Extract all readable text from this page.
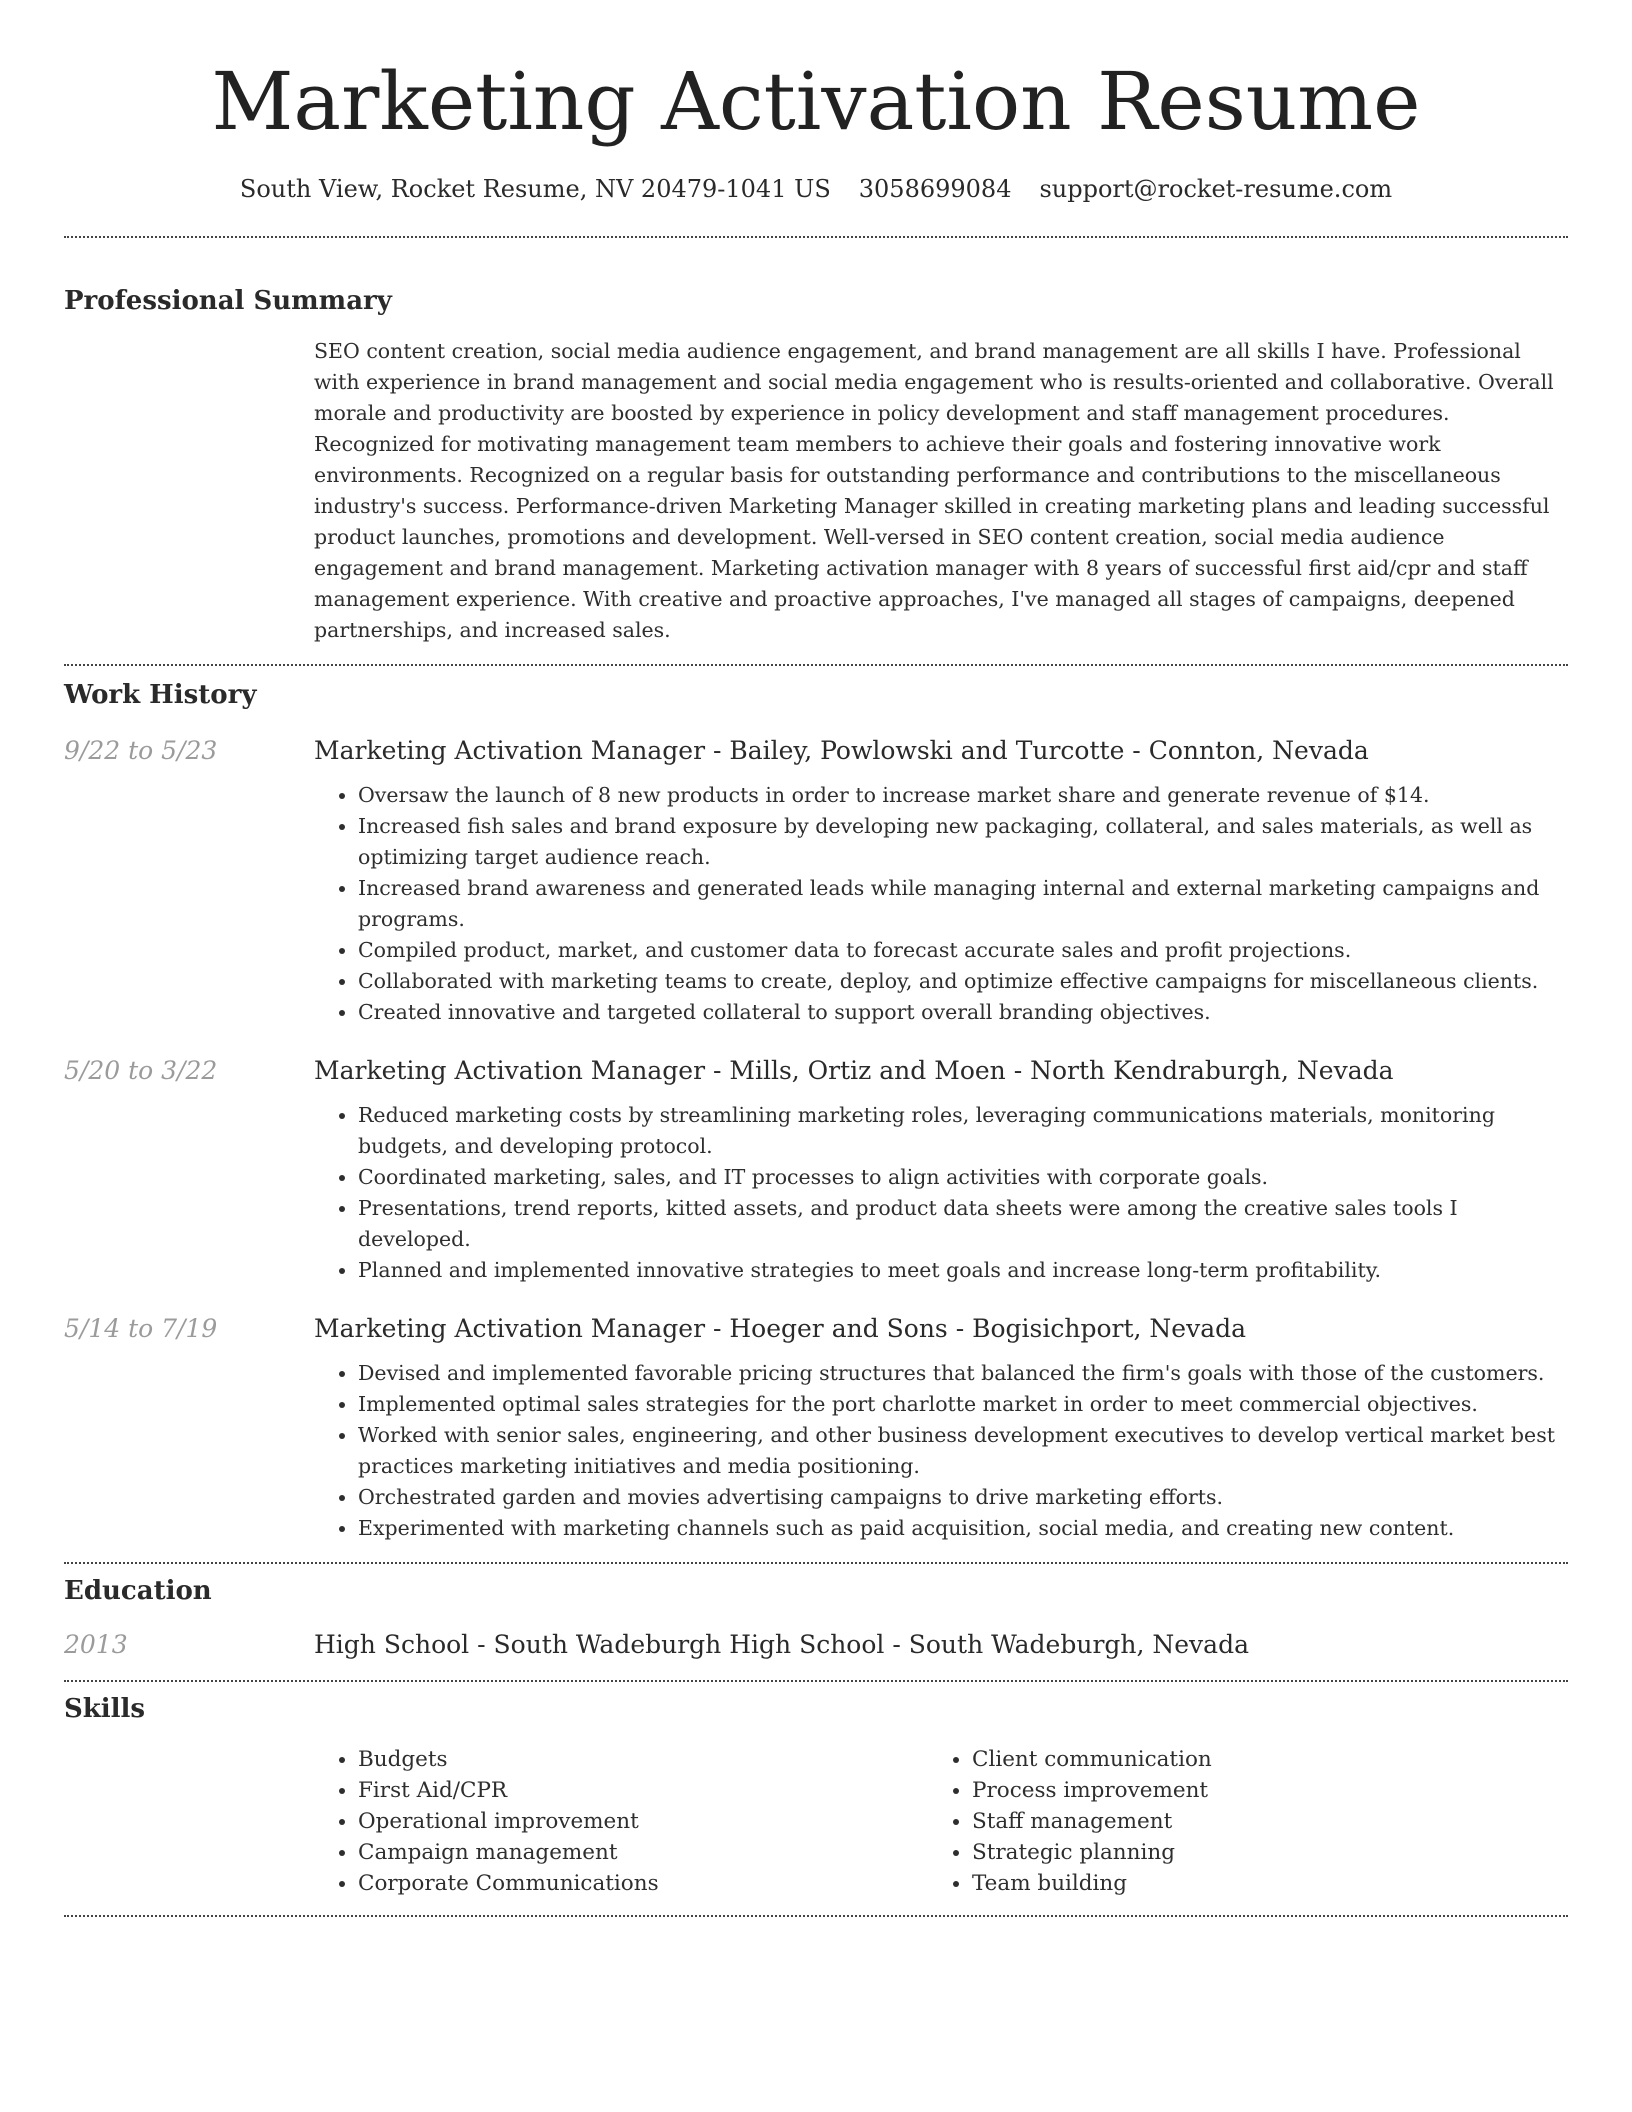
Marketing Activation Resume
South View, Rocket Resume, NV 20479-1041 US 3058699084 support@rocket-resume.com
Professional Summary

SEO content creation, social media audience engagement, and brand management are all skills I have. Professional with experience in brand management and social media engagement who is results-oriented and collaborative. Overall morale and productivity are boosted by experience in policy development and staff management procedures. Recognized for motivating management team members to achieve their goals and fostering innovative work environments. Recognized on a regular basis for outstanding performance and contributions to the miscellaneous industry's success. Performance-driven Marketing Manager skilled in creating marketing plans and leading successful product launches, promotions and development. Well-versed in SEO content creation, social media audience engagement and brand management. Marketing activation manager with 8 years of successful first aid/cpr and staff management experience. With creative and proactive approaches, I've managed all stages of campaigns, deepened partnerships, and increased sales.

Work History
9/22 to 5/23	Marketing Activation Manager - Bailey, Powlowski and Turcotte - Connton, Nevada
• Oversaw the launch of 8 new products in order to increase market share and generate revenue of $14.
• Increased fish sales and brand exposure by developing new packaging, collateral, and sales materials, as well as optimizing target audience reach.
• Increased brand awareness and generated leads while managing internal and external marketing campaigns and programs.
• Compiled product, market, and customer data to forecast accurate sales and profit projections.
• Collaborated with marketing teams to create, deploy, and optimize effective campaigns for miscellaneous clients.
• Created innovative and targeted collateral to support overall branding objectives.
5/20 to 3/22	Marketing Activation Manager - Mills, Ortiz and Moen - North Kendraburgh, Nevada
• Reduced marketing costs by streamlining marketing roles, leveraging communications materials, monitoring budgets, and developing protocol.
• Coordinated marketing, sales, and IT processes to align activities with corporate goals.
• Presentations, trend reports, kitted assets, and product data sheets were among the creative sales tools I developed.
• Planned and implemented innovative strategies to meet goals and increase long-term profitability.
5/14 to 7/19	Marketing Activation Manager - Hoeger and Sons - Bogisichport, Nevada
• Devised and implemented favorable pricing structures that balanced the firm's goals with those of the customers.
• Implemented optimal sales strategies for the port charlotte market in order to meet commercial objectives.
• Worked with senior sales, engineering, and other business development executives to develop vertical market best practices marketing initiatives and media positioning.
• Orchestrated garden and movies advertising campaigns to drive marketing efforts.
• Experimented with marketing channels such as paid acquisition, social media, and creating new content.
Education
2013	High School - South Wadeburgh High School - South Wadeburgh, Nevada
Skills
• Budgets
• First Aid/CPR
• Operational improvement
• Campaign management
• Corporate Communications
• Client communication
• Process improvement
• Staff management
• Strategic planning
• Team building
